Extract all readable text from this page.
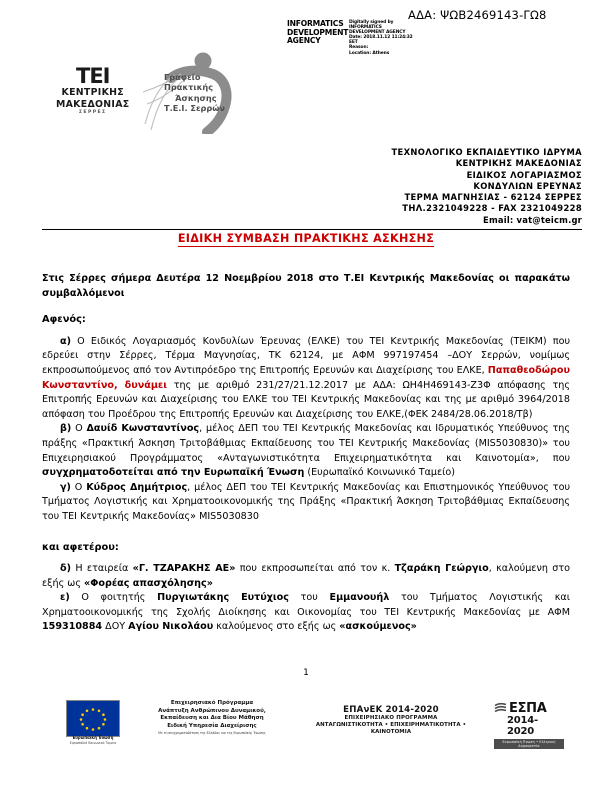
ΑΔΑ: ΨΩΒ2469143-ΓΩ8
INFORMATICS DEVELOPMENT AGENCY
Digitally signed by
INFORMATICS
DEVELOPMENT AGENCY
Date: 2018.11.12 11:24:32
EET
Reason:
Location: Athens
ΤΕΙ
ΚΕΝΤΡΙΚΗΣ
ΜΑΚΕΔΟΝΙΑΣ
ΣΕΡΡΕΣ
Γραφείο
Πρακτικής
Άσκησης
Τ.Ε.Ι. Σερρών
ΤΕΧΝΟΛΟΓΙΚΟ ΕΚΠΑΙΔΕΥΤΙΚΟ ΙΔΡΥΜΑ
ΚΕΝΤΡΙΚΗΣ ΜΑΚΕΔΟΝΙΑΣ
ΕΙΔΙΚΟΣ ΛΟΓΑΡΙΑΣΜΟΣ
ΚΟΝΔΥΛΙΩΝ ΕΡΕΥΝΑΣ
ΤΕΡΜΑ ΜΑΓΝΗΣΙΑΣ - 62124 ΣΕΡΡΕΣ
ΤΗΛ.2321049228 - FAX 2321049228
Email: vat@teicm.gr
ΕΙΔΙΚΗ ΣΥΜΒΑΣΗ ΠΡΑΚΤΙΚΗΣ ΑΣΚΗΣΗΣ

Στις Σέρρες σήμερα Δευτέρα 12 Νοεμβρίου 2018 στο Τ.ΕΙ Κεντρικής Μακεδονίας οι παρακάτω συμβαλλόμενοι

Αφενός:

α) Ο Ειδικός Λογαριασμός Κονδυλίων Έρευνας (ΕΛΚΕ) του ΤΕΙ Κεντρικής Μακεδονίας (ΤΕΙΚΜ) που εδρεύει στην Σέρρες, Τέρμα Μαγνησίας, ΤΚ 62124, με ΑΦΜ 997197454 –ΔΟΥ Σερρών, νομίμως εκπροσωπούμενος από τον Αντιπρόεδρο της Επιτροπής Ερευνών και Διαχείρισης του ΕΛΚΕ, Παπαθεοδώρου Κωνσταντίνο, δυνάμει της με αριθμό 231/27/21.12.2017 με ΑΔΑ: ΩΗ4Η469143-Ζ3Φ απόφασης της Επιτροπής Ερευνών και Διαχείρισης του ΕΛΚΕ του ΤΕΙ Κεντρικής Μακεδονίας και της με αριθμό 3964/2018 απόφαση του Προέδρου της Επιτροπής Ερευνών και Διαχείρισης του ΕΛΚΕ,(ΦΕΚ 2484/28.06.2018/Τβ)

β) Ο Δαυίδ Κωνσταντίνος, μέλος ΔΕΠ του ΤΕΙ Κεντρικής Μακεδονίας και Ιδρυματικός Υπεύθυνος της πράξης «Πρακτική Άσκηση Τριτοβάθμιας Εκπαίδευσης του ΤΕΙ Κεντρικής Μακεδονίας (MIS5030830)» του Επιχειρησιακού Προγράμματος «Ανταγωνιστικότητα Επιχειρηματικότητα και Καινοτομία», που συγχρηματοδοτείται από την Ευρωπαϊκή Ένωση (Ευρωπαϊκό Κοινωνικό Ταμείο)

γ) Ο Κύδρος Δημήτριος, μέλος ΔΕΠ του ΤΕΙ Κεντρικής Μακεδονίας και Επιστημονικός Υπεύθυνος του Τμήματος Λογιστικής και Χρηματοοικονομικής της Πράξης «Πρακτική Άσκηση Τριτοβάθμιας Εκπαίδευσης του ΤΕΙ Κεντρικής Μακεδονίας» MIS5030830

και αφετέρου:

δ) Η εταιρεία «Γ. ΤΖΑΡΑΚΗΣ ΑΕ» που εκπροσωπείται από τον κ. Τζαράκη Γεώργιο, καλούμενη στο εξής ως «Φορέας απασχόλησης»

ε) Ο φοιτητής Πυργιωτάκης Ευτύχιος του Εμμανουήλ του Τμήματος Λογιστικής και Χρηματοοικονομικής της Σχολής Διοίκησης και Οικονομίας του ΤΕΙ Κεντρικής Μακεδονίας με ΑΦΜ 159310884 ΔΟΥ Αγίου Νικολάου καλούμενος στο εξής ως «ασκούμενος»

1
Ευρωπαϊκή Ένωση
Ευρωπαϊκό Κοινωνικό Ταμείο
Επιχειρησιακό Πρόγραμμα
Ανάπτυξη Ανθρώπινου Δυναμικού,
Εκπαίδευση και Δια Βίου Μάθηση
Ειδική Υπηρεσία Διαχείρισης
Με τη συγχρηματοδότηση της Ελλάδας και της Ευρωπαϊκής Ένωσης
ΕΠΑνΕΚ 2014-2020
ΕΠΙΧΕΙΡΗΣΙΑΚΟ ΠΡΟΓΡΑΜΜΑ
ΑΝΤΑΓΩΝΙΣΤΙΚΟΤΗΤΑ • ΕΠΙΧΕΙΡΗΜΑΤΙΚΟΤΗΤΑ • ΚΑΙΝΟΤΟΜΙΑ
ΕΣΠΑ
2014-2020
Ευρωπαϊκή Ένωση • Ελληνική Δημοκρατία
